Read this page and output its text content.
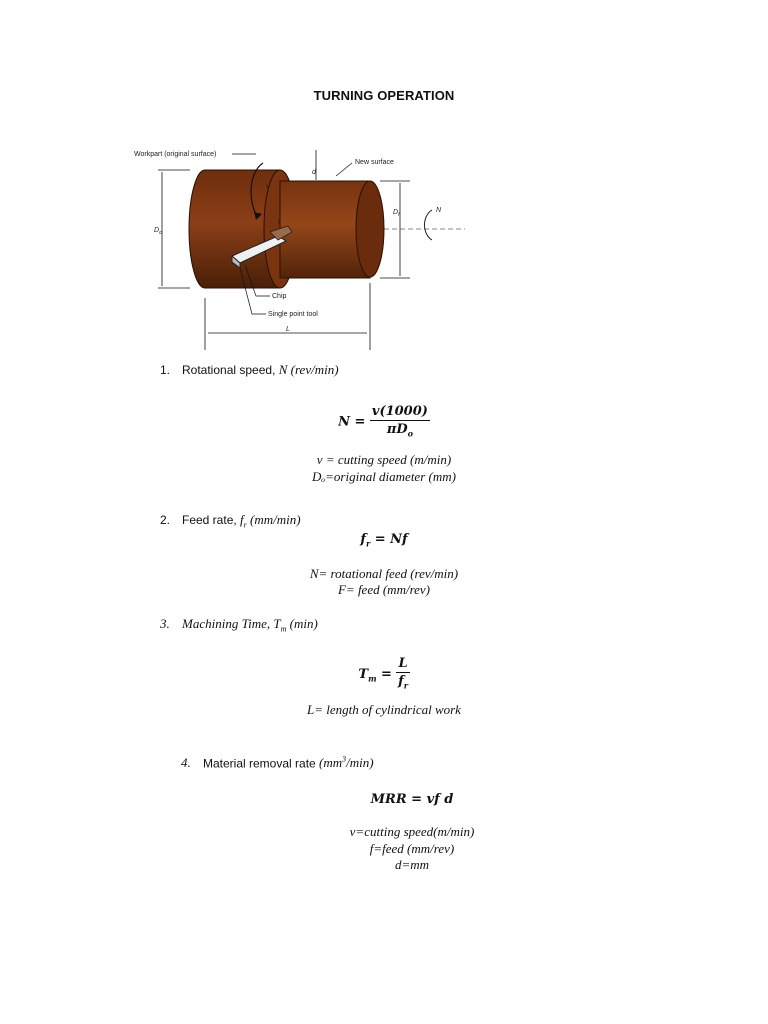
TURNING OPERATION
Workpart (original surface)
New surface
Chip
Single point tool
d
f
v
N
L
$D_o$
$D_f$
1. Rotational speed, N (rev/min)
$N = \frac{v(1000)}{\pi D_o}$
v = cutting speed (m/min)
Dₒ=original diameter (mm)
2. Feed rate, $f_r$ (mm/min)
$f_r = Nf$
N= rotational feed (rev/min)
F= feed (mm/rev)
3. Machining Time, $T_m$ (min)
$T_m = \frac{L}{f_r}$
L= length of cylindrical work
4. Material removal rate $(mm^3/\min)$
MRR = vf d
v=cutting speed(m/min)
f=feed (mm/rev)
d=mm
